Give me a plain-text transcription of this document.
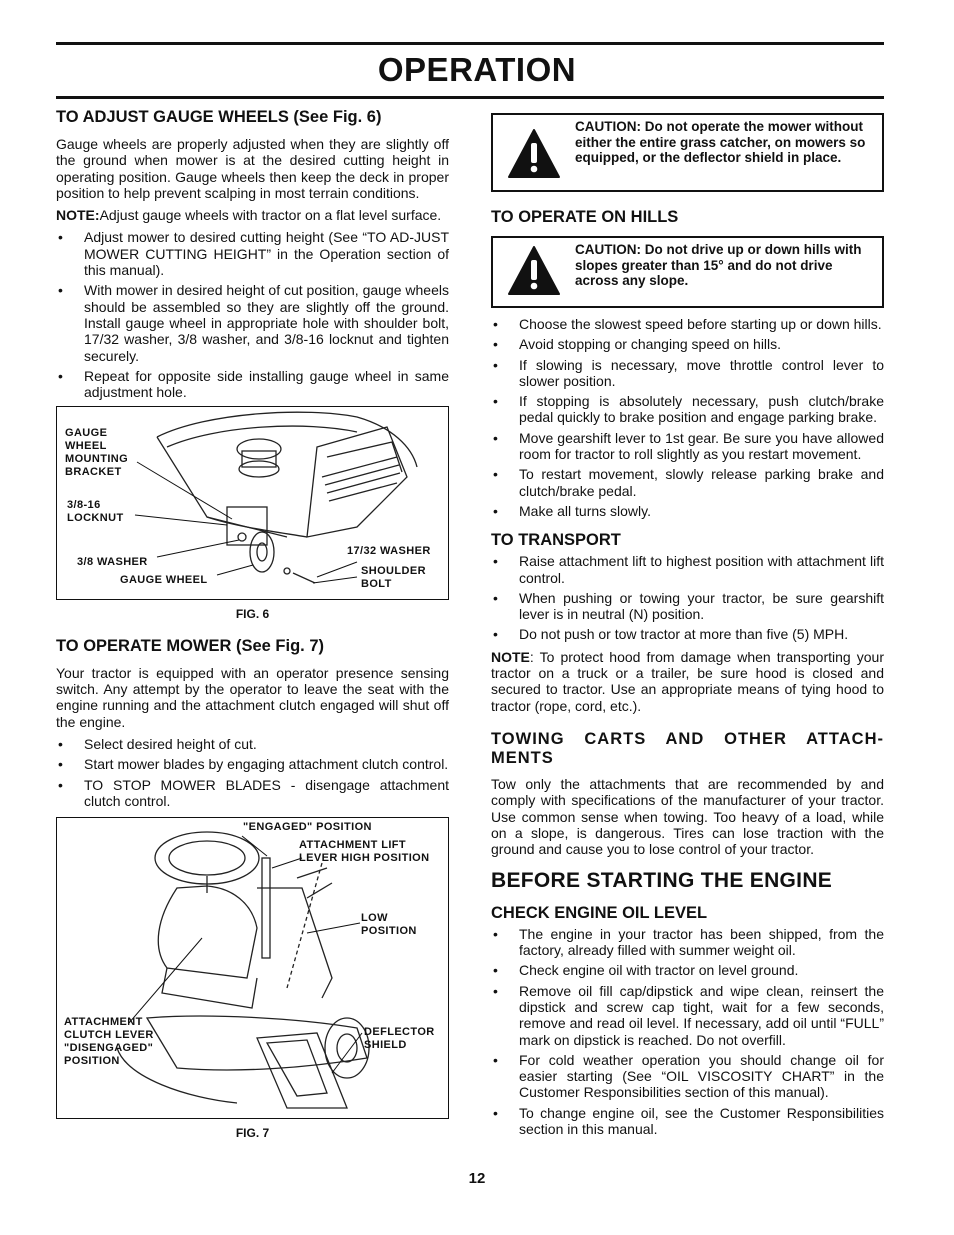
OPERATION
TO ADJUST GAUGE WHEELS (See Fig. 6)

Gauge wheels are properly adjusted when they are slightly off the ground when mower is at the desired cutting height in operating position. Gauge wheels then keep the deck in proper position to help prevent scalping in most terrain conditions.

NOTE:Adjust gauge wheels with tractor on a flat level surface.

• Adjust mower to desired cutting height (See “TO AD-JUST MOWER CUTTING HEIGHT” in the Operation section of this manual).
• With mower in desired height of cut position, gauge wheels should be assembled so they are slightly off the ground. Install gauge wheel in appropriate hole with shoulder bolt, 17/32 washer, 3/8 washer, and 3/8-16 locknut and tighten securely.
• Repeat for opposite side installing gauge wheel in same adjustment hole.
GAUGE
WHEEL
MOUNTING
BRACKET
3/8-16
LOCKNUT
3/8 WASHER
GAUGE WHEEL
17/32 WASHER
SHOULDER
BOLT
FIG. 6
TO OPERATE MOWER (See Fig. 7)

Your tractor is equipped with an operator presence sensing switch. Any attempt by the operator to leave the seat with the engine running and the attachment clutch engaged will shut off the engine.

• Select desired height of cut.
• Start mower blades by engaging attachment clutch control.
• TO STOP MOWER BLADES - disengage attachment clutch control.
"ENGAGED" POSITION
ATTACHMENT LIFT
LEVER HIGH POSITION
LOW
POSITION
ATTACHMENT
CLUTCH LEVER
"DISENGAGED"
POSITION
DEFLECTOR
SHIELD
FIG. 7
CAUTION: Do not operate the mower without either the entire grass catcher, on mowers so equipped, or the deflector shield in place.
TO OPERATE ON HILLS
CAUTION: Do not drive up or down hills with slopes greater than 15° and do not drive across any slope.
• Choose the slowest speed before starting up or down hills.
• Avoid stopping or changing speed on hills.
• If slowing is necessary, move throttle control lever to slower position.
• If stopping is absolutely necessary, push clutch/brake pedal quickly to brake position and engage parking brake.
• Move gearshift lever to 1st gear. Be sure you have allowed room for tractor to roll slightly as you restart movement.
• To restart movement, slowly release parking brake and clutch/brake pedal.
• Make all turns slowly.
TO TRANSPORT
• Raise attachment lift to highest position with attachment lift control.
• When pushing or towing your tractor, be sure gearshift lever is in neutral (N) position.
• Do not push or tow tractor at more than five (5) MPH.

NOTE: To protect hood from damage when transporting your tractor on a truck or a trailer, be sure hood is closed and secured to tractor. Use an appropriate means of tying hood to tractor (rope, cord, etc.).

TOWING CARTS AND OTHER ATTACH-MENTS

Tow only the attachments that are recommended by and comply with specifications of the manufacturer of your tractor. Use common sense when towing. Too heavy of a load, while on a slope, is dangerous. Tires can lose traction with the ground and cause you to lose control of your tractor.

BEFORE STARTING THE ENGINE
CHECK ENGINE OIL LEVEL
• The engine in your tractor has been shipped, from the factory, already filled with summer weight oil.
• Check engine oil with tractor on level ground.
• Remove oil fill cap/dipstick and wipe clean, reinsert the dipstick and screw cap tight, wait for a few seconds, remove and read oil level. If necessary, add oil until “FULL” mark on dipstick is reached. Do not overfill.
• For cold weather operation you should change oil for easier starting (See “OIL VISCOSITY CHART” in the Customer Responsibilities section of this manual).
• To change engine oil, see the Customer Responsibilities section in this manual.
12
